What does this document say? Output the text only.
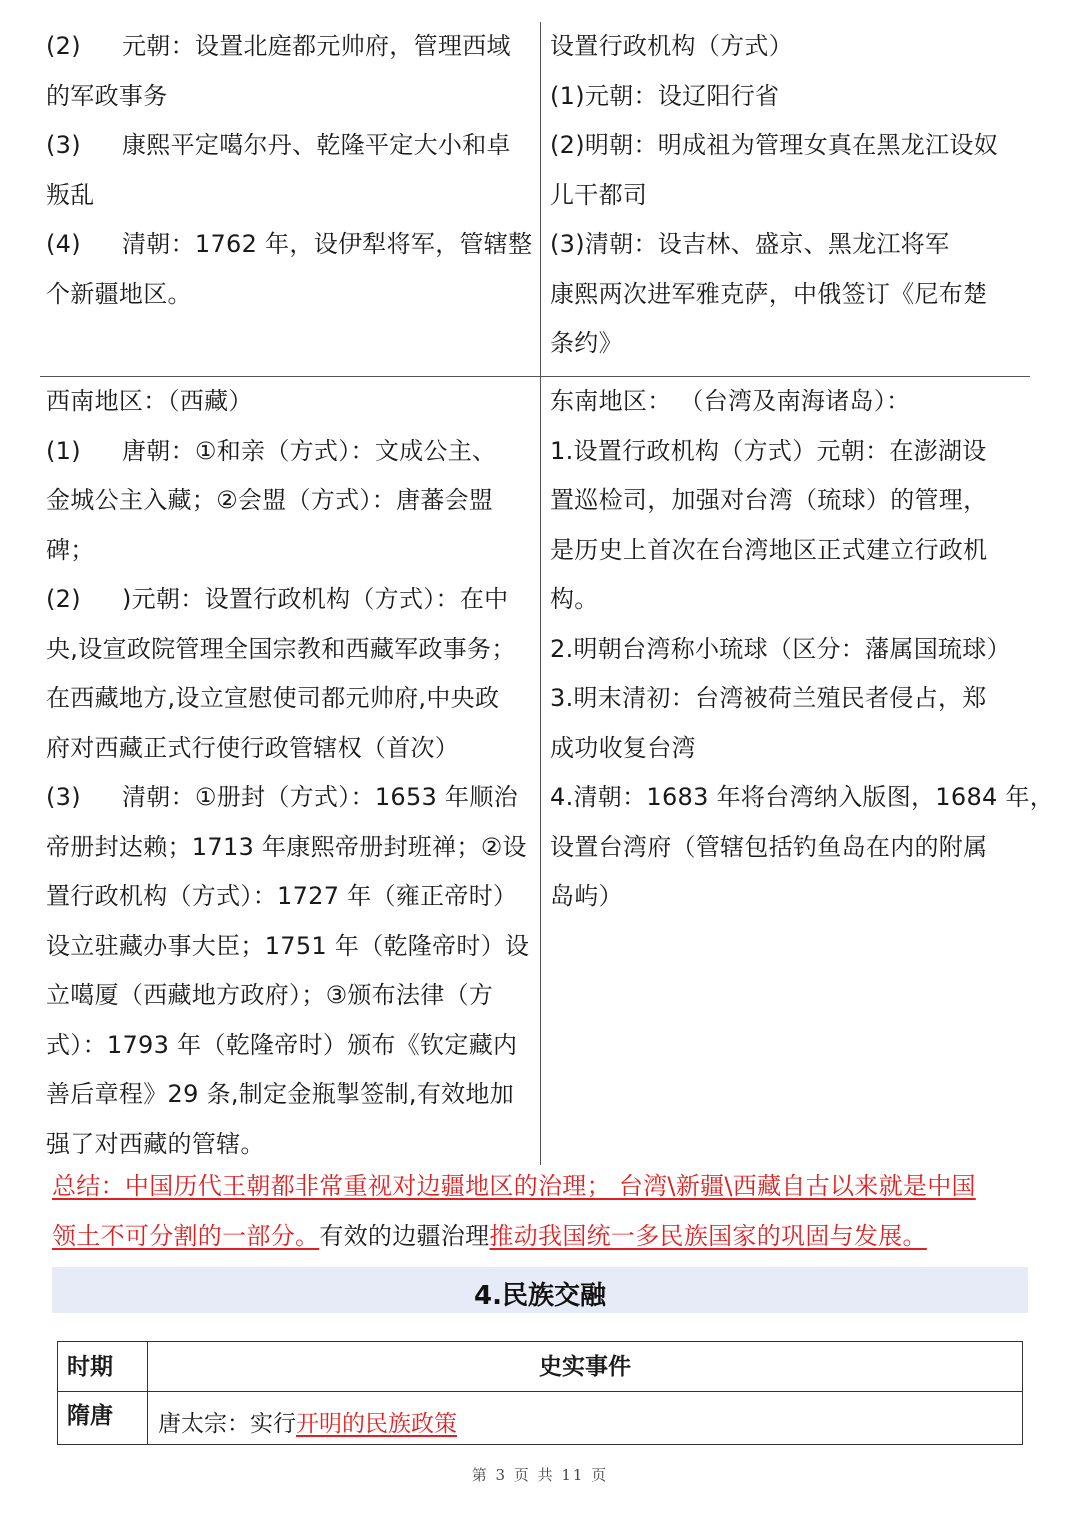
(2) 元朝：设置北庭都元帅府，管理西域
的军政事务
(3) 康熙平定噶尔丹、乾隆平定大小和卓
叛乱
(4) 清朝：1762 年，设伊犁将军，管辖整
个新疆地区。
设置行政机构（方式）
(1)元朝：设辽阳行省
(2)明朝：明成祖为管理女真在黑龙江设奴
儿干都司
(3)清朝：设吉林、盛京、黑龙江将军
康熙两次进军雅克萨，中俄签订《尼布楚
条约》
西南地区：（西藏）
(1) 唐朝：①和亲（方式）：文成公主、
金城公主入藏；②会盟（方式）：唐蕃会盟
碑；
(2) )元朝：设置行政机构（方式）：在中
央,设宣政院管理全国宗教和西藏军政事务；
在西藏地方,设立宣慰使司都元帅府,中央政
府对西藏正式行使行政管辖权（首次）
(3) 清朝：①册封（方式）：1653 年顺治
帝册封达赖；1713 年康熙帝册封班禅；②设
置行政机构（方式）：1727 年（雍正帝时）
设立驻藏办事大臣；1751 年（乾隆帝时）设
立噶厦（西藏地方政府）；③颁布法律（方
式）：1793 年（乾隆帝时）颁布《钦定藏内
善后章程》29 条,制定金瓶掣签制,有效地加
强了对西藏的管辖。
东南地区： （台湾及南海诸岛）：
1.设置行政机构（方式）元朝：在澎湖设
置巡检司，加强对台湾（琉球）的管理，
是历史上首次在台湾地区正式建立行政机
构。
2.明朝台湾称小琉球（区分：藩属国琉球）
3.明末清初：台湾被荷兰殖民者侵占，郑
成功收复台湾
4.清朝：1683 年将台湾纳入版图，1684 年，
设置台湾府（管辖包括钓鱼岛在内的附属
岛屿）
总结：中国历代王朝都非常重视对边疆地区的治理； 台湾\新疆\西藏自古以来就是中国
领土不可分割的一部分。有效的边疆治理推动我国统一多民族国家的巩固与发展。
4.民族交融
时期	史实事件
隋唐 唐太宗：实行开明的民族政策
第 3 页 共 11 页
